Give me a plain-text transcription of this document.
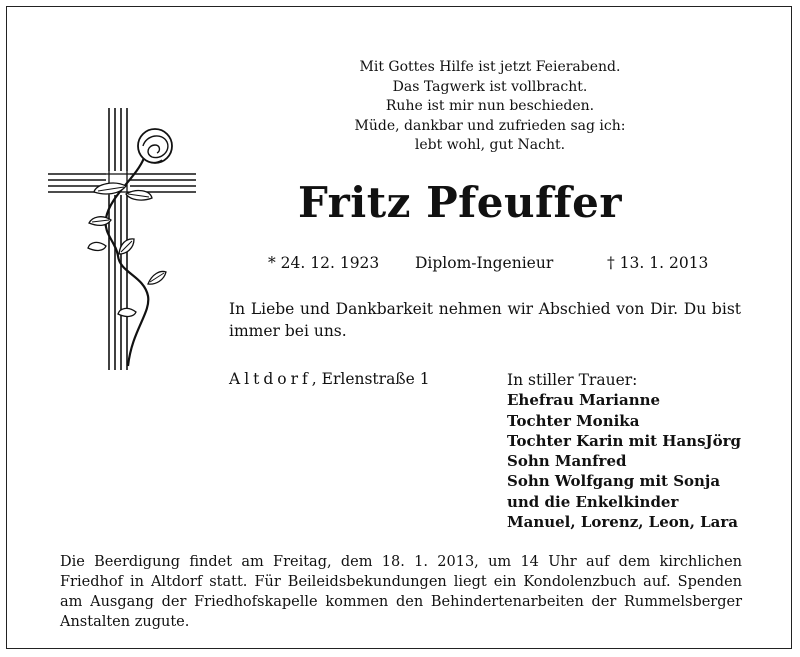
Mit Gottes Hilfe ist jetzt Feierabend.
Das Tagwerk ist vollbracht.
Ruhe ist mir nun beschieden.
Müde, dankbar und zufrieden sag ich:
lebt wohl, gut Nacht.
Fritz Pfeuffer
* 24. 12. 1923 Diplom-Ingenieur	† 13. 1. 2013
In Liebe und Dankbarkeit nehmen wir Abschied von Dir. Du bist immer bei uns.
Altdorf, Erlenstraße 1	In stiller Trauer:
Ehefrau Marianne
Tochter Monika
Tochter Karin mit HansJörg
Sohn Manfred
Sohn Wolfgang mit Sonja
und die Enkelkinder
Manuel, Lorenz, Leon, Lara
Die Beerdigung findet am Freitag, dem 18. 1. 2013, um 14 Uhr auf dem kirchlichen Friedhof in Altdorf statt. Für Beileidsbekundungen liegt ein Kondolenzbuch auf. Spenden am Ausgang der Friedhofskapelle kommen den Behindertenarbeiten der Rummelsberger Anstalten zugute.
